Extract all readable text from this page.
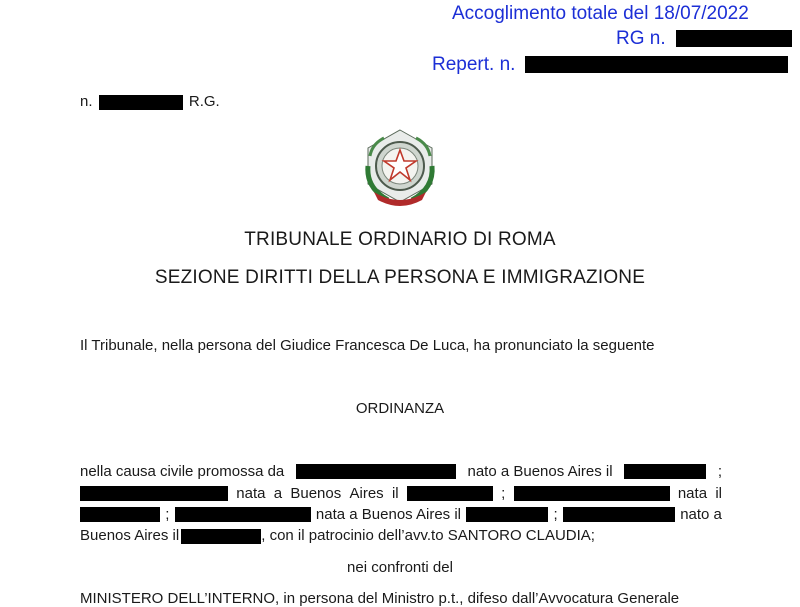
Accoglimento totale del 18/07/2022
RG n.
Repert. n.
n.	R.G.
TRIBUNALE ORDINARIO DI ROMA
SEZIONE DIRITTI DELLA PERSONA E IMMIGRAZIONE
Il Tribunale, nella persona del Giudice Francesca De Luca, ha pronunciato la seguente
ORDINANZA
nella causa civile promossa da	nato a Buenos Aires il	;
nata a Buenos Aires il	;	nata il
;	nata a Buenos Aires il	;	nato a
Buenos Aires il	, con il patrocinio dell’avv.to SANTORO CLAUDIA;
nei confronti del
MINISTERO DELL’INTERNO, in persona del Ministro p.t., difeso dall’Avvocatura Generale
